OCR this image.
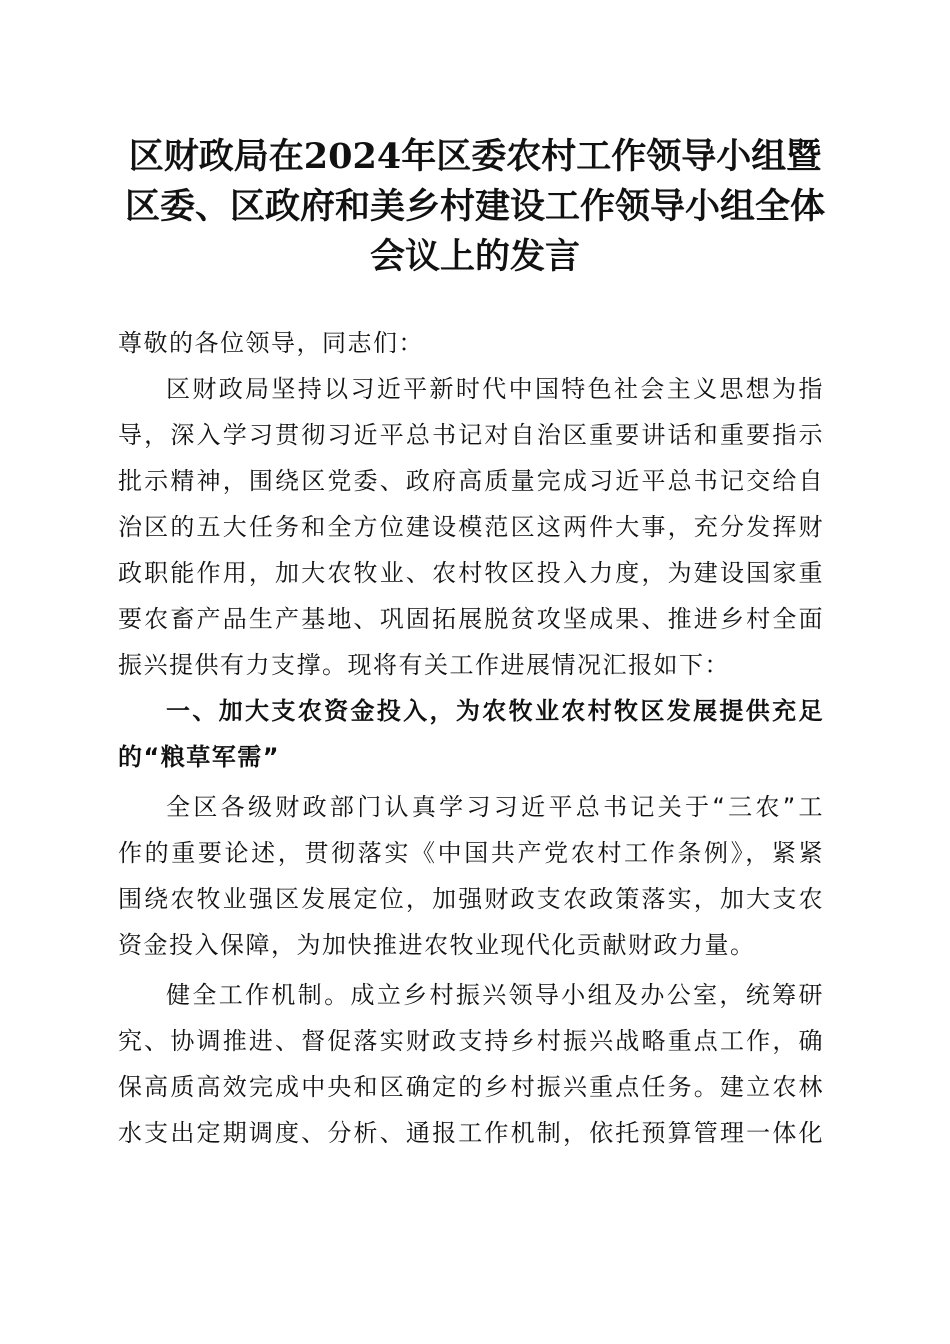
区财政局在2024年区委农村工作领导小组暨
区委、区政府和美乡村建设工作领导小组全体
会议上的发言
尊敬的各位领导，同志们：
区财政局坚持以习近平新时代中国特色社会主义思想为指
导，深入学习贯彻习近平总书记对自治区重要讲话和重要指示
批示精神，围绕区党委、政府高质量完成习近平总书记交给自
治区的五大任务和全方位建设模范区这两件大事，充分发挥财
政职能作用，加大农牧业、农村牧区投入力度，为建设国家重
要农畜产品生产基地、巩固拓展脱贫攻坚成果、推进乡村全面
振兴提供有力支撑。现将有关工作进展情况汇报如下：
一、加大支农资金投入，为农牧业农村牧区发展提供充足
的“粮草军需”
全区各级财政部门认真学习习近平总书记关于“三农”工
作的重要论述，贯彻落实《中国共产党农村工作条例》，紧紧
围绕农牧业强区发展定位，加强财政支农政策落实，加大支农
资金投入保障，为加快推进农牧业现代化贡献财政力量。
健全工作机制。成立乡村振兴领导小组及办公室，统筹研
究、协调推进、督促落实财政支持乡村振兴战略重点工作，确
保高质高效完成中央和区确定的乡村振兴重点任务。建立农林
水支出定期调度、分析、通报工作机制，依托预算管理一体化
